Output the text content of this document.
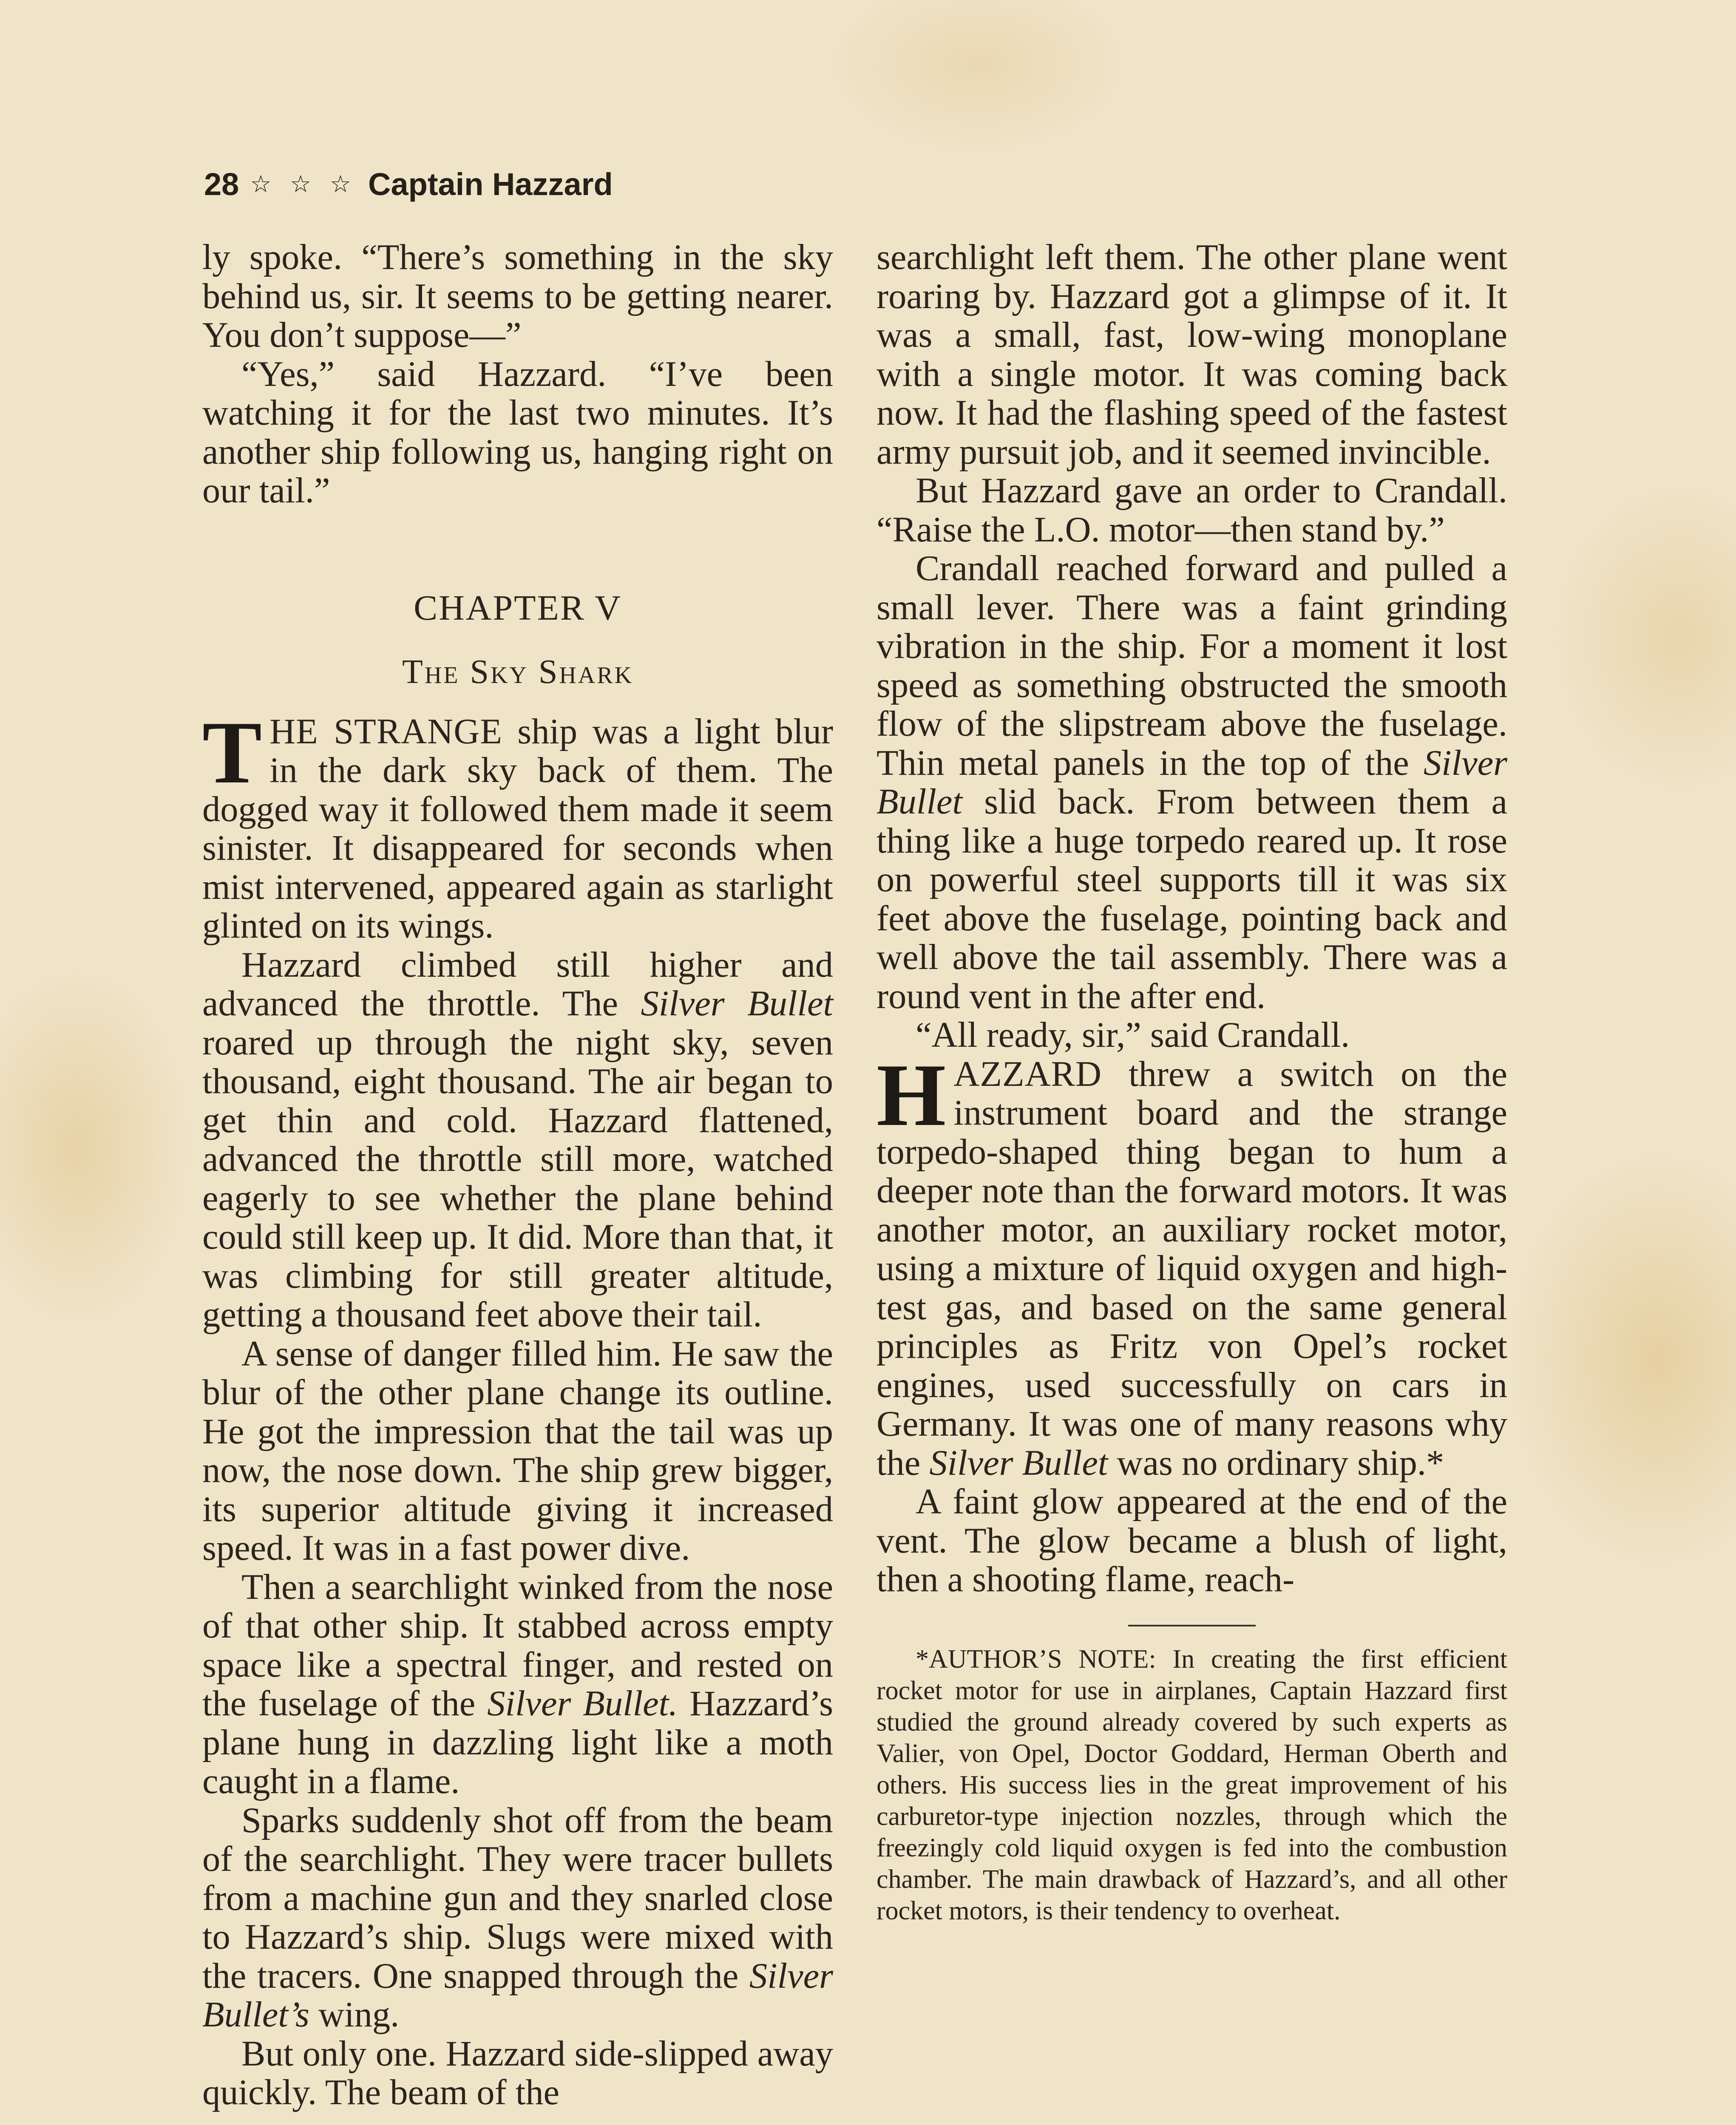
28 ☆ ☆ ☆ Captain Hazzard

ly spoke. “There’s something in the sky behind us, sir. It seems to be getting nearer. You don’t suppose—”

“Yes,” said Hazzard. “I’ve been watching it for the last two minutes. It’s another ship following us, hanging right on our tail.”

CHAPTER V
The Sky Shark

THE STRANGE ship was a light blur in the dark sky back of them. The dogged way it followed them made it seem sinister. It disappeared for seconds when mist intervened, appeared again as starlight glinted on its wings.

Hazzard climbed still higher and advanced the throttle. The Silver Bullet roared up through the night sky, seven thousand, eight thousand. The air began to get thin and cold. Hazzard flattened, advanced the throttle still more, watched eagerly to see whether the plane behind could still keep up. It did. More than that, it was climbing for still greater altitude, getting a thousand feet above their tail.

A sense of danger filled him. He saw the blur of the other plane change its outline. He got the impression that the tail was up now, the nose down. The ship grew bigger, its superior altitude giving it increased speed. It was in a fast power dive.

Then a searchlight winked from the nose of that other ship. It stabbed across empty space like a spectral finger, and rested on the fuselage of the Silver Bullet. Hazzard’s plane hung in dazzling light like a moth caught in a flame.

Sparks suddenly shot off from the beam of the searchlight. They were tracer bullets from a machine gun and they snarled close to Hazzard’s ship. Slugs were mixed with the tracers. One snapped through the Silver Bullet’s wing.

But only one. Hazzard side-slipped away quickly. The beam of the

searchlight left them. The other plane went roaring by. Hazzard got a glimpse of it. It was a small, fast, low-wing monoplane with a single motor. It was coming back now. It had the flashing speed of the fastest army pursuit job, and it seemed invincible.

But Hazzard gave an order to Crandall. “Raise the L.O. motor—then stand by.”

Crandall reached forward and pulled a small lever. There was a faint grinding vibration in the ship. For a moment it lost speed as something obstructed the smooth flow of the slipstream above the fuselage. Thin metal panels in the top of the Silver Bullet slid back. From between them a thing like a huge torpedo reared up. It rose on powerful steel supports till it was six feet above the fuselage, pointing back and well above the tail assembly. There was a round vent in the after end.

“All ready, sir,” said Crandall.

HAZZARD threw a switch on the instrument board and the strange torpedo-shaped thing began to hum a deeper note than the forward motors. It was another motor, an auxiliary rocket motor, using a mixture of liquid oxygen and high-test gas, and based on the same general principles as Fritz von Opel’s rocket engines, used successfully on cars in Germany. It was one of many reasons why the Silver Bullet was no ordinary ship.*

A faint glow appeared at the end of the vent. The glow became a blush of light, then a shooting flame, reach-

*AUTHOR’S NOTE: In creating the first efficient rocket motor for use in airplanes, Captain Hazzard first studied the ground already covered by such experts as Valier, von Opel, Doctor Goddard, Herman Oberth and others. His success lies in the great improvement of his carburetor-type injection nozzles, through which the freezingly cold liquid oxygen is fed into the combustion chamber. The main drawback of Hazzard’s, and all other rocket motors, is their tendency to overheat.
